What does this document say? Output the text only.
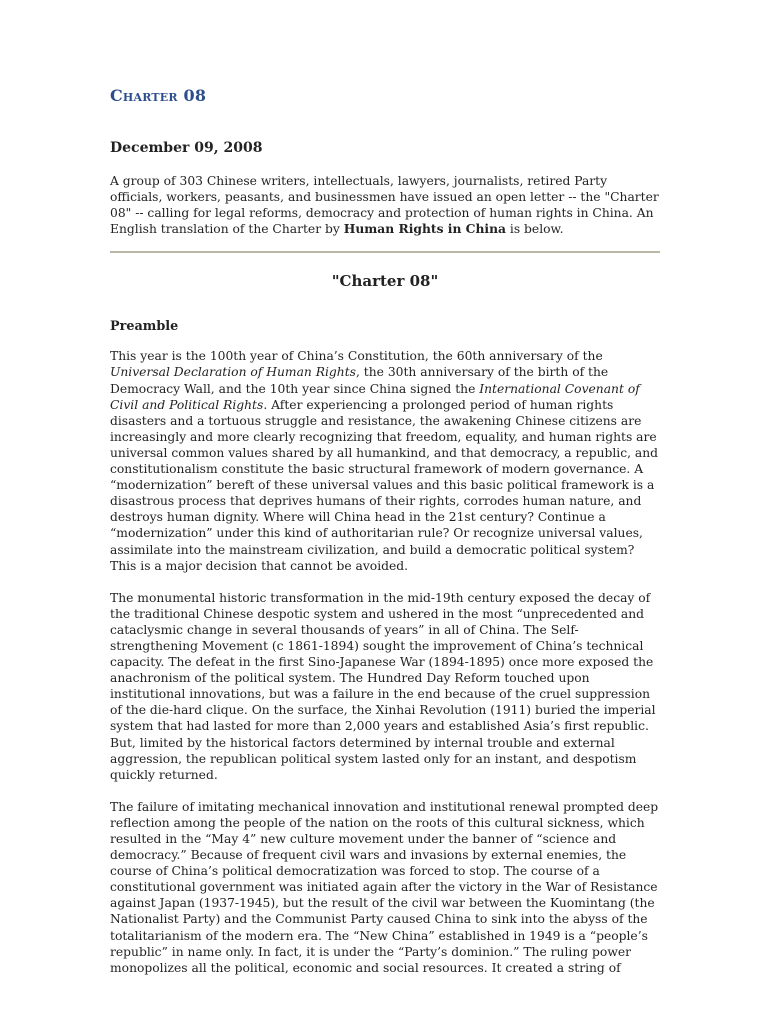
Charter 08
December 09, 2008

A group of 303 Chinese writers, intellectuals, lawyers, journalists, retired Party officials, workers, peasants, and businessmen have issued an open letter -- the "Charter 08" -- calling for legal reforms, democracy and protection of human rights in China. An English translation of the Charter by Human Rights in China is below.

"Charter 08"
Preamble

This year is the 100th year of China’s Constitution, the 60th anniversary of the Universal Declaration of Human Rights, the 30th anniversary of the birth of the Democracy Wall, and the 10th year since China signed the International Covenant of Civil and Political Rights. After experiencing a prolonged period of human rights disasters and a tortuous struggle and resistance, the awakening Chinese citizens are increasingly and more clearly recognizing that freedom, equality, and human rights are universal common values shared by all humankind, and that democracy, a republic, and constitutionalism constitute the basic structural framework of modern governance. A “modernization” bereft of these universal values and this basic political framework is a disastrous process that deprives humans of their rights, corrodes human nature, and destroys human dignity. Where will China head in the 21st century? Continue a “modernization” under this kind of authoritarian rule? Or recognize universal values, assimilate into the mainstream civilization, and build a democratic political system? This is a major decision that cannot be avoided.

The monumental historic transformation in the mid-19th century exposed the decay of the traditional Chinese despotic system and ushered in the most “unprecedented and cataclysmic change in several thousands of years” in all of China. The Self-strengthening Movement (c 1861-1894) sought the improvement of China’s technical capacity. The defeat in the first Sino-Japanese War (1894-1895) once more exposed the anachronism of the political system. The Hundred Day Reform touched upon institutional innovations, but was a failure in the end because of the cruel suppression of the die-hard clique. On the surface, the Xinhai Revolution (1911) buried the imperial system that had lasted for more than 2,000 years and established Asia’s first republic. But, limited by the historical factors determined by internal trouble and external aggression, the republican political system lasted only for an instant, and despotism quickly returned.

The failure of imitating mechanical innovation and institutional renewal prompted deep reflection among the people of the nation on the roots of this cultural sickness, which resulted in the “May 4” new culture movement under the banner of “science and democracy.” Because of frequent civil wars and invasions by external enemies, the course of China’s political democratization was forced to stop. The course of a constitutional government was initiated again after the victory in the War of Resistance against Japan (1937-1945), but the result of the civil war between the Kuomintang (the Nationalist Party) and the Communist Party caused China to sink into the abyss of the totalitarianism of the modern era. The “New China” established in 1949 is a “people’s republic” in name only. In fact, it is under the “Party’s dominion.” The ruling power monopolizes all the political, economic and social resources. It created a string of
